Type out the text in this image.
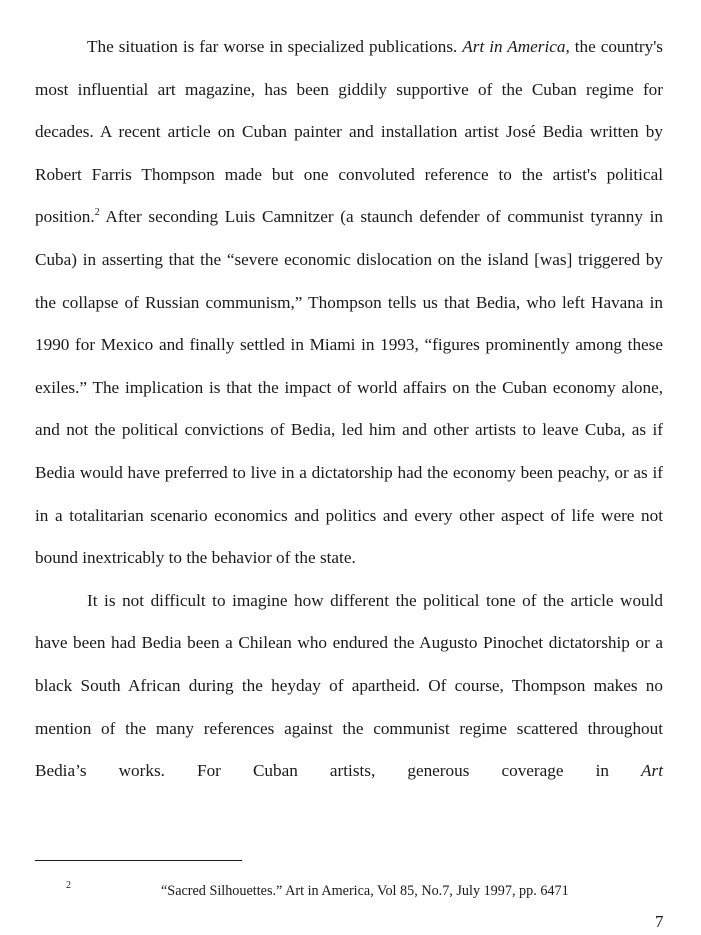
The situation is far worse in specialized publications. Art in America, the country's most influential art magazine, has been giddily supportive of the Cuban regime for decades. A recent article on Cuban painter and installation artist José Bedia written by Robert Farris Thompson made but one convoluted reference to the artist's political position.$^2$ After seconding Luis Camnitzer (a staunch defender of communist tyranny in Cuba) in asserting that the “severe economic dislocation on the island [was] triggered by the collapse of Russian communism,” Thompson tells us that Bedia, who left Havana in 1990 for Mexico and finally settled in Miami in 1993, “figures prominently among these exiles.” The implication is that the impact of world affairs on the Cuban economy alone, and not the political convictions of Bedia, led him and other artists to leave Cuba, as if Bedia would have preferred to live in a dictatorship had the economy been peachy, or as if in a totalitarian scenario economics and politics and every other aspect of life were not bound inextricably to the behavior of the state.

It is not difficult to imagine how different the political tone of the article would have been had Bedia been a Chilean who endured the Augusto Pinochet dictatorship or a black South African during the heyday of apartheid. Of course, Thompson makes no mention of the many references against the communist regime scattered throughout Bedia’s works. For Cuban artists, generous coverage in Art

2	“Sacred Silhouettes.” Art in America, Vol 85, No.7, July 1997, pp. 6471
7
